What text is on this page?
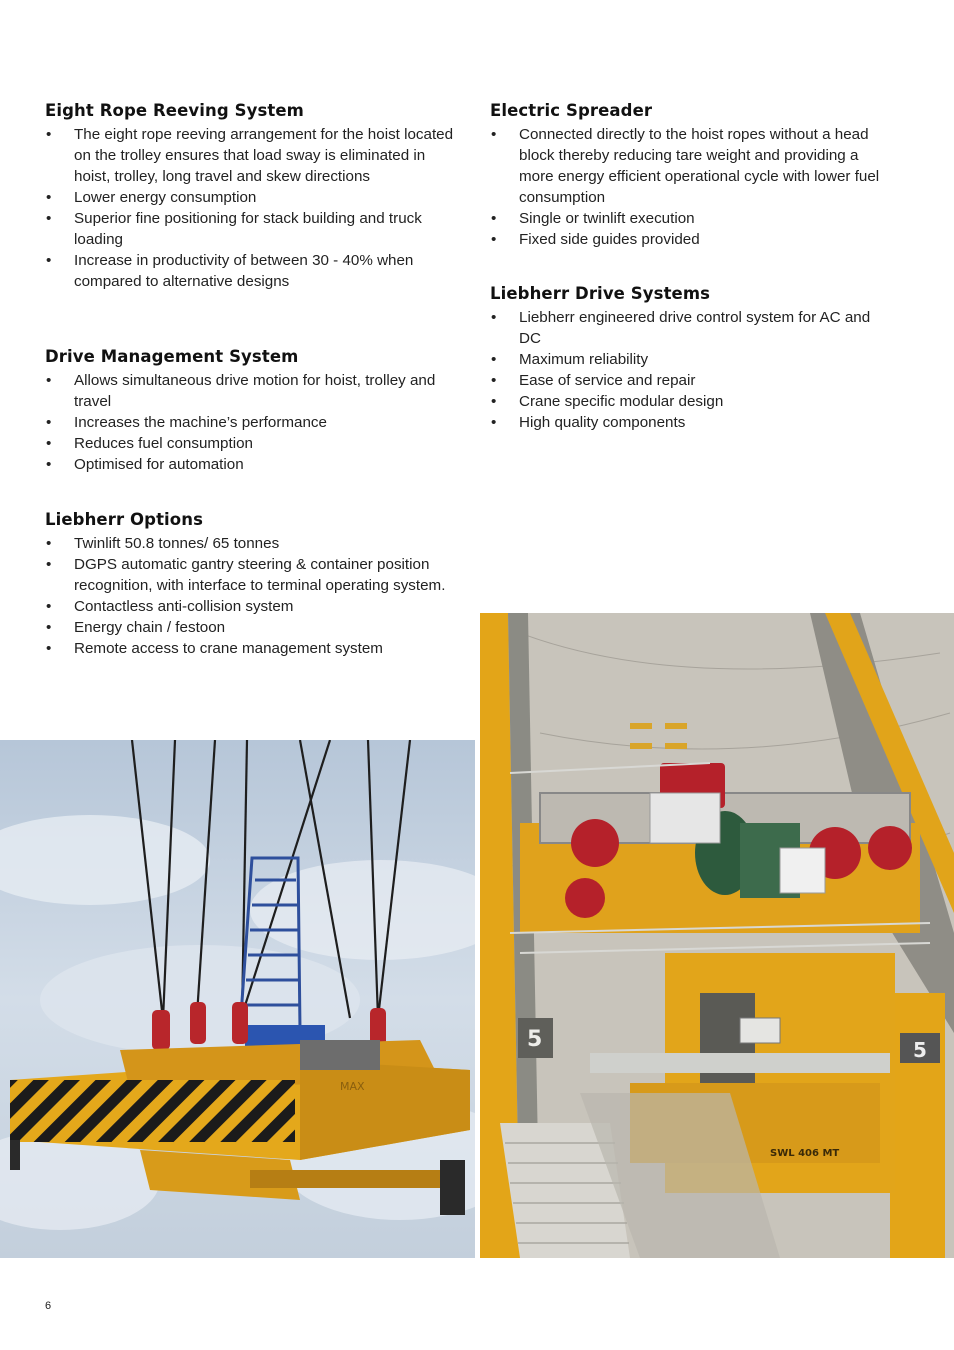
Eight Rope Reeving System
• The eight rope reeving arrangement for the hoist located on the trolley ensures that load sway is eliminated in hoist, trolley, long travel and skew directions
• Lower energy consumption
• Superior fine positioning for stack building and truck loading
• Increase in productivity of between 30 - 40% when compared to alternative designs
Drive Management System
• Allows simultaneous drive motion for hoist, trolley and travel
• Increases the machine’s performance
• Reduces fuel consumption
• Optimised for automation
Liebherr Options
• Twinlift 50.8 tonnes/ 65 tonnes
• DGPS automatic gantry steering & container position recognition, with interface to terminal operating system.
• Contactless anti-collision system
• Energy chain / festoon
• Remote access to crane management system
Electric Spreader
• Connected directly to the hoist ropes without a head block thereby reducing tare weight and providing a more energy efficient operational cycle with lower fuel consumption
• Single or twinlift execution
• Fixed side guides provided
Liebherr Drive Systems
• Liebherr engineered drive control system for AC and DC
• Maximum reliability
• Ease of service and repair
• Crane specific modular design
• High quality components
MAX
5
SWL 406 MT
5
6
